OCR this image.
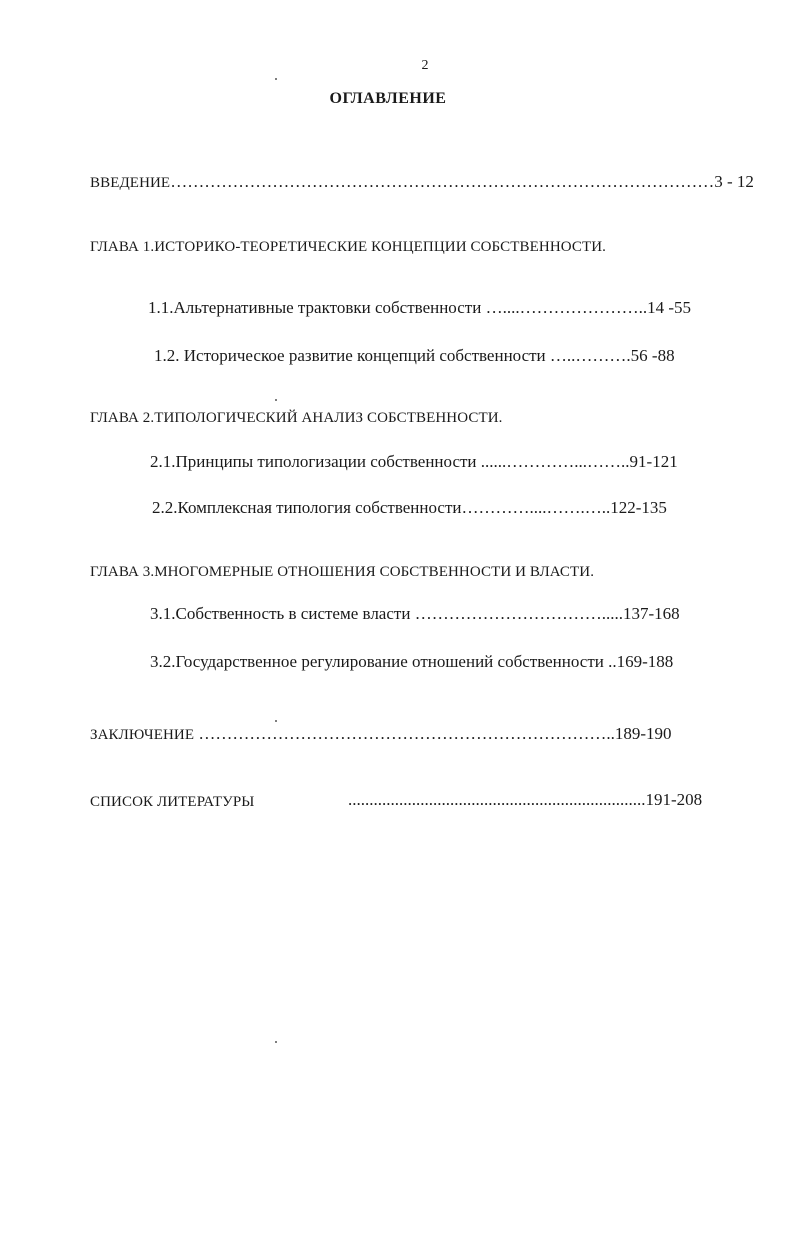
2
ОГЛАВЛЕНИЕ
ВВЕДЕНИЕ……………………………………………………………………………………3 - 12
ГЛАВА 1.ИСТОРИКО-ТЕОРЕТИЧЕСКИЕ КОНЦЕПЦИИ СОБСТВЕННОСТИ.
1.1.Альтернативные трактовки собственности …....…………………..14 -55
1.2. Историческое развитие концепций собственности …..……….56 -88
ГЛАВА 2.ТИПОЛОГИЧЕСКИЙ АНАЛИЗ СОБСТВЕННОСТИ.
2.1.Принципы типологизации собственности ......…………...……..91-121
2.2.Комплексная типология собственности…………....…….…..122-135
ГЛАВА 3.МНОГОМЕРНЫЕ ОТНОШЕНИЯ СОБСТВЕННОСТИ И ВЛАСТИ.
3.1.Собственность в системе власти …………………………….....137-168
3.2.Государственное регулирование отношений собственности ..169-188
ЗАКЛЮЧЕНИЕ ………………………………………………………………..189-190
СПИСОК ЛИТЕРАТУРЫ	......................................................................191-208
